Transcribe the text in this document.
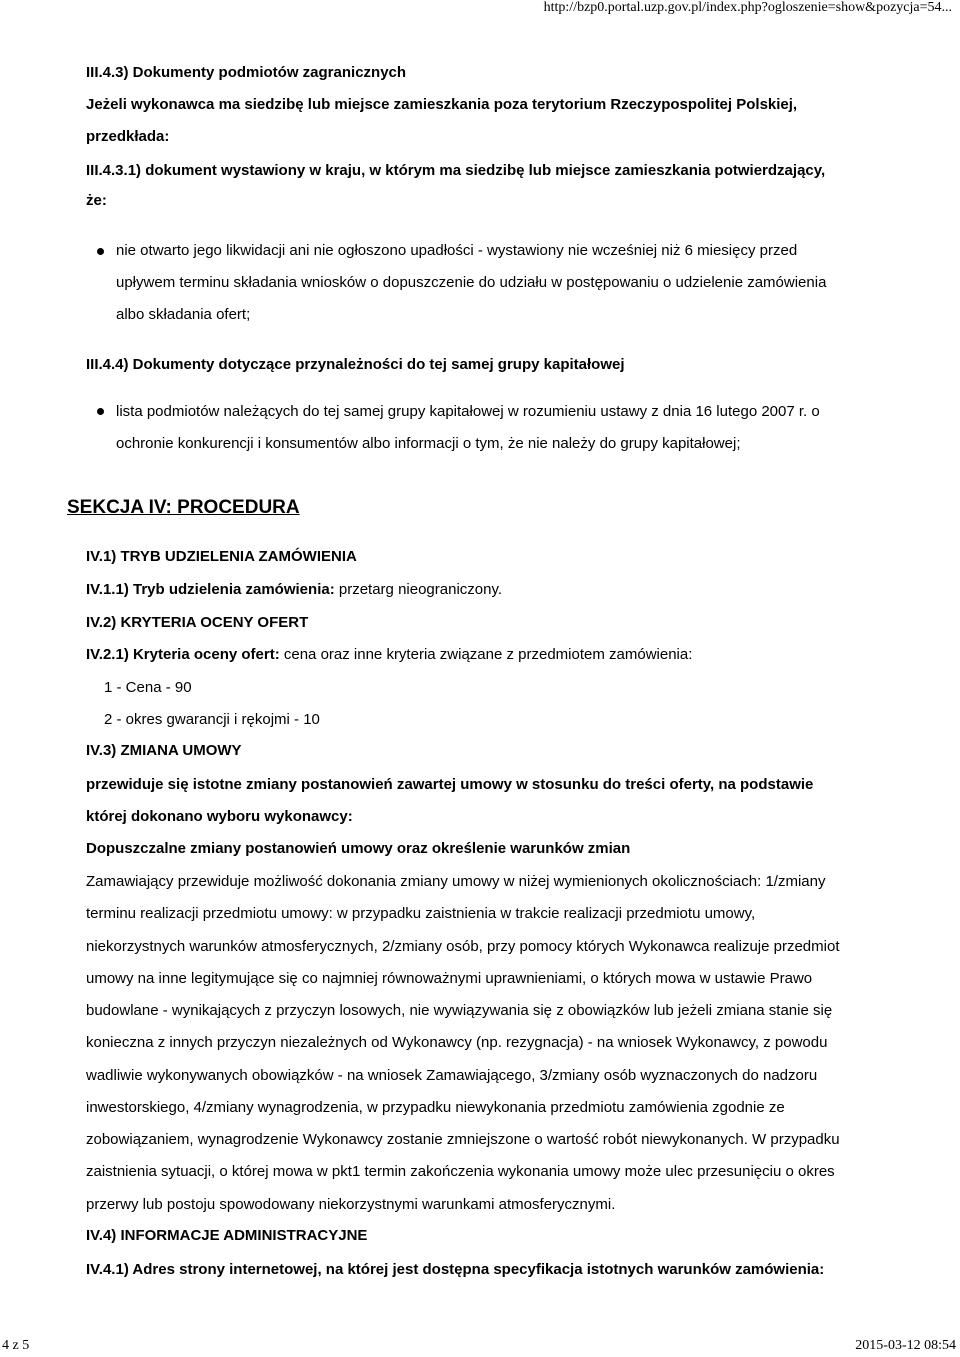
http://bzp0.portal.uzp.gov.pl/index.php?ogloszenie=show&pozycja=54...
III.4.3) Dokumenty podmiotów zagranicznych
Jeżeli wykonawca ma siedzibę lub miejsce zamieszkania poza terytorium Rzeczypospolitej Polskiej,
przedkłada:
III.4.3.1) dokument wystawiony w kraju, w którym ma siedzibę lub miejsce zamieszkania potwierdzający,
że:
nie otwarto jego likwidacji ani nie ogłoszono upadłości - wystawiony nie wcześniej niż 6 miesięcy przed
upływem terminu składania wniosków o dopuszczenie do udziału w postępowaniu o udzielenie zamówienia
albo składania ofert;
III.4.4) Dokumenty dotyczące przynależności do tej samej grupy kapitałowej
lista podmiotów należących do tej samej grupy kapitałowej w rozumieniu ustawy z dnia 16 lutego 2007 r. o
ochronie konkurencji i konsumentów albo informacji o tym, że nie należy do grupy kapitałowej;
SEKCJA IV: PROCEDURA
IV.1) TRYB UDZIELENIA ZAMÓWIENIA
IV.1.1) Tryb udzielenia zamówienia: przetarg nieograniczony.
IV.2) KRYTERIA OCENY OFERT
IV.2.1) Kryteria oceny ofert: cena oraz inne kryteria związane z przedmiotem zamówienia:
1 - Cena - 90
2 - okres gwarancji i rękojmi - 10
IV.3) ZMIANA UMOWY
przewiduje się istotne zmiany postanowień zawartej umowy w stosunku do treści oferty, na podstawie
której dokonano wyboru wykonawcy:
Dopuszczalne zmiany postanowień umowy oraz określenie warunków zmian
Zamawiający przewiduje możliwość dokonania zmiany umowy w niżej wymienionych okolicznościach: 1/zmiany
terminu realizacji przedmiotu umowy: w przypadku zaistnienia w trakcie realizacji przedmiotu umowy,
niekorzystnych warunków atmosferycznych, 2/zmiany osób, przy pomocy których Wykonawca realizuje przedmiot
umowy na inne legitymujące się co najmniej równoważnymi uprawnieniami, o których mowa w ustawie Prawo
budowlane - wynikających z przyczyn losowych, nie wywiązywania się z obowiązków lub jeżeli zmiana stanie się
konieczna z innych przyczyn niezależnych od Wykonawcy (np. rezygnacja) - na wniosek Wykonawcy, z powodu
wadliwie wykonywanych obowiązków - na wniosek Zamawiającego, 3/zmiany osób wyznaczonych do nadzoru
inwestorskiego, 4/zmiany wynagrodzenia, w przypadku niewykonania przedmiotu zamówienia zgodnie ze
zobowiązaniem, wynagrodzenie Wykonawcy zostanie zmniejszone o wartość robót niewykonanych. W przypadku
zaistnienia sytuacji, o której mowa w pkt1 termin zakończenia wykonania umowy może ulec przesunięciu o okres
przerwy lub postoju spowodowany niekorzystnymi warunkami atmosferycznymi.
IV.4) INFORMACJE ADMINISTRACYJNE
IV.4.1) Adres strony internetowej, na której jest dostępna specyfikacja istotnych warunków zamówienia:
4 z 5	2015-03-12 08:54
